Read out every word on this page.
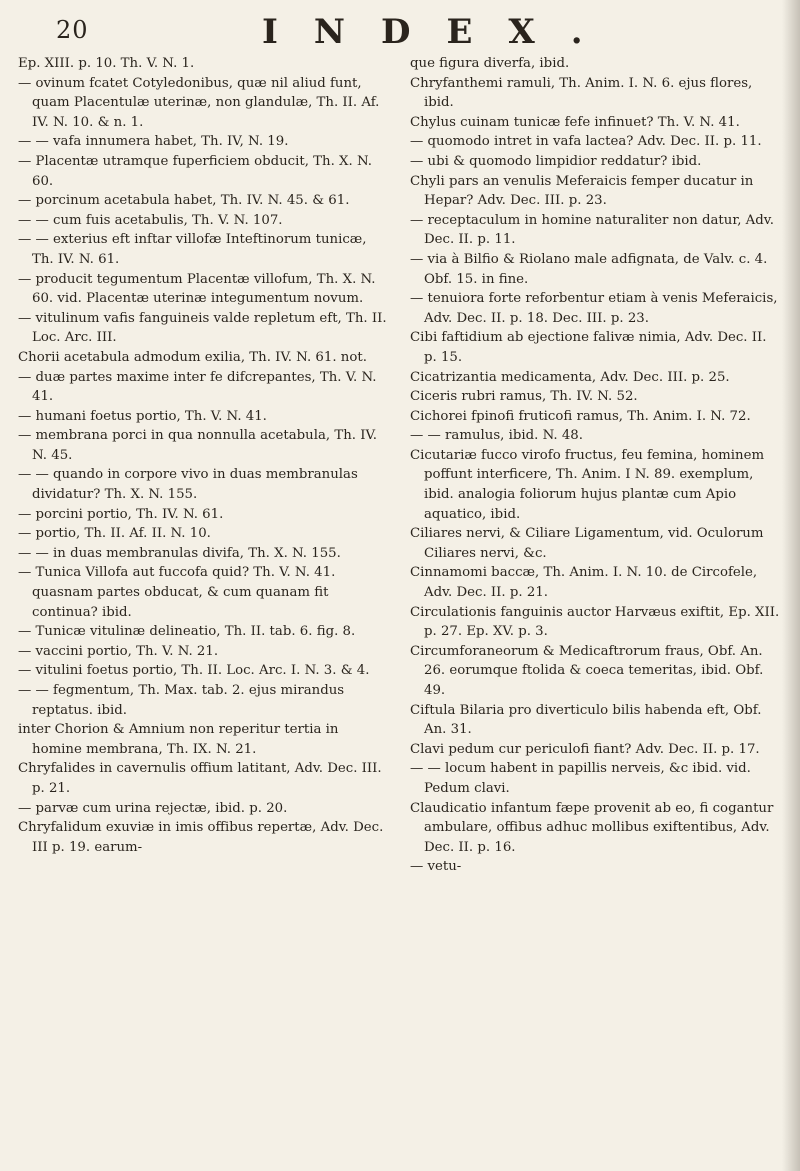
20	INDEX.

Ep. XIII. p. 10. Th. V. N. 1.

— ovinum fcatet Cotyledonibus, quæ nil aliud funt, quam Placentulæ uterinæ, non glandulæ, Th. II. Af. IV. N. 10. & n. 1.

— — vafa innumera habet, Th. IV, N. 19.

— Placentæ utramque fuperficiem obducit, Th. X. N. 60.

— porcinum acetabula habet, Th. IV. N. 45. & 61.

— — cum fuis acetabulis, Th. V. N. 107.

— — exterius eft inftar villofæ Inteftinorum tunicæ, Th. IV. N. 61.

— producit tegumentum Placentæ villofum, Th. X. N. 60. vid. Placentæ uterinæ integumentum novum.

— vitulinum vafis fanguineis valde repletum eft, Th. II. Loc. Arc. III.

Chorii acetabula admodum exilia, Th. IV. N. 61. not.

— duæ partes maxime inter fe difcrepantes, Th. V. N. 41.

— humani foetus portio, Th. V. N. 41.

— membrana porci in qua nonnulla acetabula, Th. IV. N. 45.

— — quando in corpore vivo in duas membranulas dividatur? Th. X. N. 155.

— porcini portio, Th. IV. N. 61.

— portio, Th. II. Af. II. N. 10.

— — in duas membranulas divifa, Th. X. N. 155.

— Tunica Villofa aut fuccofa quid? Th. V. N. 41. quasnam partes obducat, & cum quanam fit continua? ibid.

— Tunicæ vitulinæ delineatio, Th. II. tab. 6. fig. 8.

— vaccini portio, Th. V. N. 21.

— vitulini foetus portio, Th. II. Loc. Arc. I. N. 3. & 4.

— — fegmentum, Th. Max. tab. 2. ejus mirandus reptatus. ibid.

inter Chorion & Amnium non reperitur tertia in homine membrana, Th. IX. N. 21.

Chryfalides in cavernulis offium latitant, Adv. Dec. III. p. 21.

— parvæ cum urina rejectæ, ibid. p. 20.

Chryfalidum exuviæ in imis offibus repertæ, Adv. Dec. III p. 19. earum-

que figura diverfa, ibid.

Chryfanthemi ramuli, Th. Anim. I. N. 6. ejus flores, ibid.

Chylus cuinam tunicæ fefe infinuet? Th. V. N. 41.

— quomodo intret in vafa lactea? Adv. Dec. II. p. 11.

— ubi & quomodo limpidior reddatur? ibid.

Chyli pars an venulis Meferaicis femper ducatur in Hepar? Adv. Dec. III. p. 23.

— receptaculum in homine naturaliter non datur, Adv. Dec. II. p. 11.

— via à Bilfio & Riolano male adfignata, de Valv. c. 4. Obf. 15. in fine.

— tenuiora forte reforbentur etiam à venis Meferaicis, Adv. Dec. II. p. 18. Dec. III. p. 23.

Cibi faftidium ab ejectione falivæ nimia, Adv. Dec. II. p. 15.

Cicatrizantia medicamenta, Adv. Dec. III. p. 25.

Ciceris rubri ramus, Th. IV. N. 52.

Cichorei fpinofi fruticofi ramus, Th. Anim. I. N. 72.

— — ramulus, ibid. N. 48.

Cicutariæ fucco virofo fructus, feu femina, hominem poffunt interficere, Th. Anim. I N. 89. exemplum, ibid. analogia foliorum hujus plantæ cum Apio aquatico, ibid.

Ciliares nervi, & Ciliare Ligamentum, vid. Oculorum Ciliares nervi, &c.

Cinnamomi baccæ, Th. Anim. I. N. 10. de Circofele, Adv. Dec. II. p. 21.

Circulationis fanguinis auctor Harvæus exiftit, Ep. XII. p. 27. Ep. XV. p. 3.

Circumforaneorum & Medicaftrorum fraus, Obf. An. 26. eorumque ftolida & coeca temeritas, ibid. Obf. 49.

Ciftula Bilaria pro diverticulo bilis habenda eft, Obf. An. 31.

Clavi pedum cur periculofi fiant? Adv. Dec. II. p. 17.

— — locum habent in papillis nerveis, &c ibid. vid. Pedum clavi.

Claudicatio infantum fæpe provenit ab eo, fi cogantur ambulare, offibus adhuc mollibus exiftentibus, Adv. Dec. II. p. 16.

— vetu-
